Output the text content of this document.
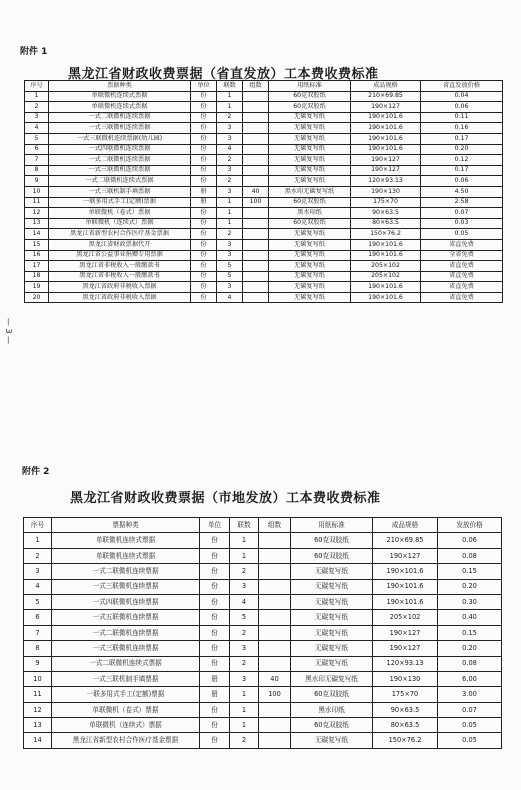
附件 1
黑龙江省财政收费票据（省直发放）工本费收费标准
序号	票据种类	单位	联数	组数	用纸标准	成品规格	省直发放价格
1	单联微机连续式票据	份	1		60克双胶纸	210×69.85	0.04
2	单联微机连续式票据	份	1		60克双胶纸	190×127	0.06
3	一式二联微机连续票据	份	2		无碳复写纸	190×101.6	0.11
4	一式三联微机连续票据	份	3		无碳复写纸	190×101.6	0.16
5	一式三联微机连续票据(幼儿园)	份	3		无碳复写纸	190×101.6	0.17
6	一式四联微机连续票据	份	4		无碳复写纸	190×101.6	0.20
7	一式二联微机连续票据	份	2		无碳复写纸	190×127	0.12
8	一式三联微机连续票据	份	3		无碳复写纸	190×127	0.17
9	一式二联微机连续式票据	份	2		无碳复写纸	120×93.13	0.06
10	一式三联机制手填票据	册	3	40	黑水印无碳复写纸	190×130	4.50
11	一联多用式手工(定额)票据	册	1	100	60克双胶纸	175×70	2.58
12	单联微机（卷式）票据	份	1		黑水印纸	90×63.5	0.07
13	单联微机（连续式）票据	份	1		60克双胶纸	80×63.5	0.03
14	黑龙江省新型农村合作医疗基金票据	份	2		无碳复写纸	150×76.2	0.05
15	黑龙江省财政票据代开	份	3		无碳复写纸	190×101.6	省直免费
16	黑龙江省公益事业捐赠专用票据	份	3		无碳复写纸	190×101.6	全省免费
17	黑龙江省非税收入一般缴款书	份	5		无碳复写纸	205×102	省直免费
18	黑龙江省非税收入一般缴款书	份	5		无碳复写纸	205×102	省直免费
19	黑龙江省政府非税收入票据	份	3		无碳复写纸	190×101.6	省直免费
20	黑龙江省政府非税收入票据	份	4		无碳复写纸	190×101.6	省直免费
— 3 —
附件 2
黑龙江省财政收费票据（市地发放）工本费收费标准
序号	票据种类	单位	联数	组数	用纸标准	成品规格	发放价格
1	单联微机连续式票据	份	1		60克双胶纸	210×69.85	0.06
2	单联微机连续式票据	份	1		60克双胶纸	190×127	0.08
3	一式二联微机连续票据	份	2		无碳复写纸	190×101.6	0.15
4	一式三联微机连续票据	份	3		无碳复写纸	190×101.6	0.20
5	一式四联微机连续票据	份	4		无碳复写纸	190×101.6	0.30
6	一式五联微机连续票据	份	5		无碳复写纸	205×102	0.40
7	一式二联微机连续票据	份	2		无碳复写纸	190×127	0.15
8	一式三联微机连续票据	份	3		无碳复写纸	190×127	0.20
9	一式二联微机连续式票据	份	2		无碳复写纸	120×93.13	0.08
10	一式三联机制手填票据	册	3	40	黑水印无碳复写纸	190×130	6.00
11	一联多用式手工(定额)票据	册	1	100	60克双胶纸	175×70	3.00
12	单联微机（卷式）票据	份	1		黑水印纸	90×63.5	0.07
13	单联微机（连续式）票据	份	1		60克双胶纸	80×63.5	0.05
14	黑龙江省新型农村合作医疗基金票据	份	2		无碳复写纸	150×76.2	0.05
